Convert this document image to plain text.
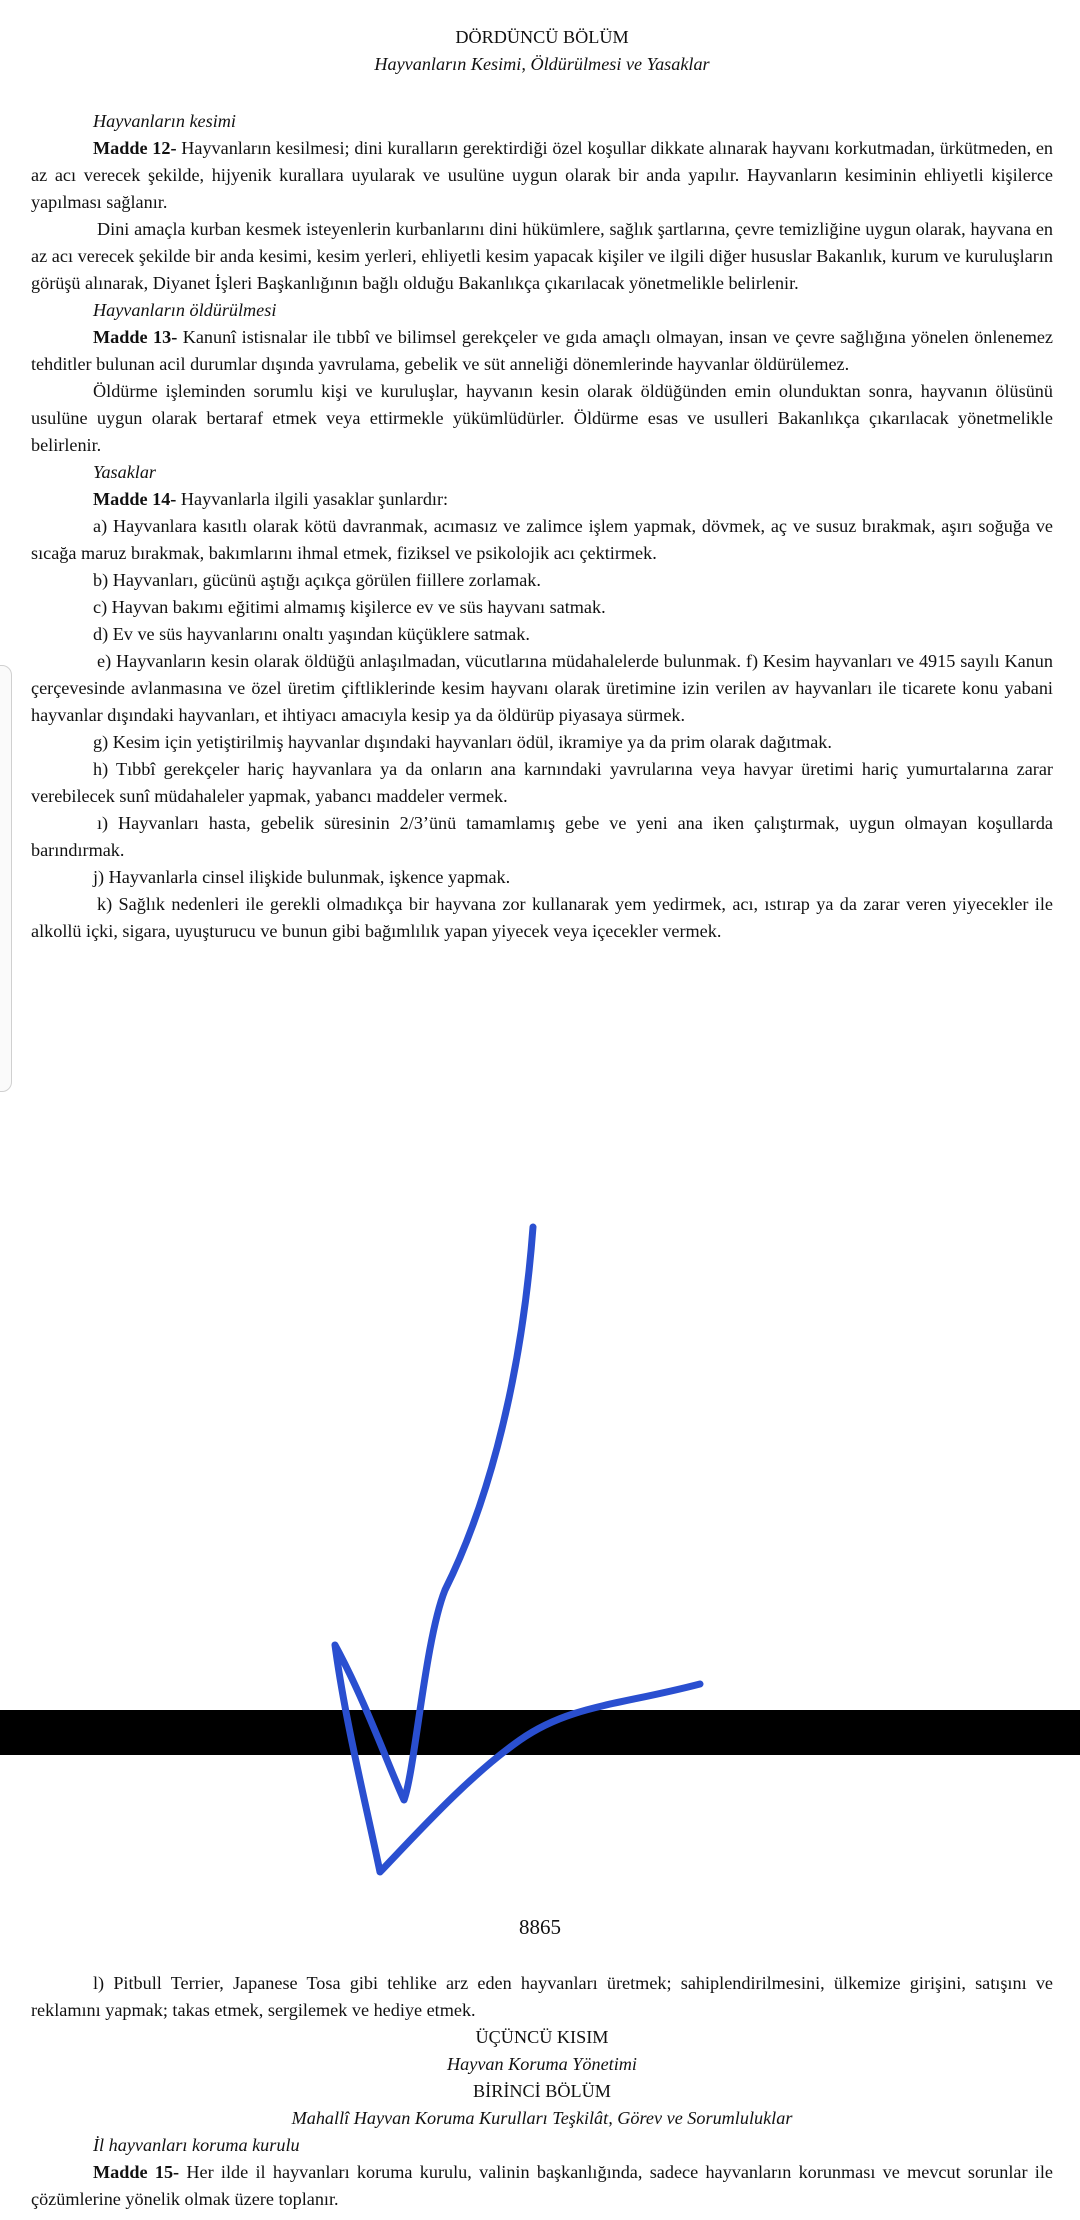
DÖRDÜNCÜ BÖLÜM

Hayvanların Kesimi, Öldürülmesi ve Yasaklar

Hayvanların kesimi

Madde 12- Hayvanların kesilmesi; dini kuralların gerektirdiği özel koşullar dikkate alınarak hayvanı korkutmadan, ürkütmeden, en az acı verecek şekilde, hijyenik kurallara uyularak ve usulüne uygun olarak bir anda yapılır. Hayvanların kesiminin ehliyetli kişilerce yapılması sağlanır.

Dini amaçla kurban kesmek isteyenlerin kurbanlarını dini hükümlere, sağlık şartlarına, çevre temizliğine uygun olarak, hayvana en az acı verecek şekilde bir anda kesimi, kesim yerleri, ehliyetli kesim yapacak kişiler ve ilgili diğer hususlar Bakanlık, kurum ve kuruluşların görüşü alınarak, Diyanet İşleri Başkanlığının bağlı olduğu Bakanlıkça çıkarılacak yönetmelikle belirlenir.

Hayvanların öldürülmesi

Madde 13- Kanunî istisnalar ile tıbbî ve bilimsel gerekçeler ve gıda amaçlı olmayan, insan ve çevre sağlığına yönelen önlenemez tehditler bulunan acil durumlar dışında yavrulama, gebelik ve süt anneliği dönemlerinde hayvanlar öldürülemez.

Öldürme işleminden sorumlu kişi ve kuruluşlar, hayvanın kesin olarak öldüğünden emin olunduktan sonra, hayvanın ölüsünü usulüne uygun olarak bertaraf etmek veya ettirmekle yükümlüdürler. Öldürme esas ve usulleri Bakanlıkça çıkarılacak yönetmelikle belirlenir.

Yasaklar

Madde 14- Hayvanlarla ilgili yasaklar şunlardır:

a) Hayvanlara kasıtlı olarak kötü davranmak, acımasız ve zalimce işlem yapmak, dövmek, aç ve susuz bırakmak, aşırı soğuğa ve sıcağa maruz bırakmak, bakımlarını ihmal etmek, fiziksel ve psikolojik acı çektirmek.

b) Hayvanları, gücünü aştığı açıkça görülen fiillere zorlamak.

c) Hayvan bakımı eğitimi almamış kişilerce ev ve süs hayvanı satmak.

d) Ev ve süs hayvanlarını onaltı yaşından küçüklere satmak.

e) Hayvanların kesin olarak öldüğü anlaşılmadan, vücutlarına müdahalelerde bulunmak. f) Kesim hayvanları ve 4915 sayılı Kanun çerçevesinde avlanmasına ve özel üretim çiftliklerinde kesim hayvanı olarak üretimine izin verilen av hayvanları ile ticarete konu yabani hayvanlar dışındaki hayvanları, et ihtiyacı amacıyla kesip ya da öldürüp piyasaya sürmek.

g) Kesim için yetiştirilmiş hayvanlar dışındaki hayvanları ödül, ikramiye ya da prim olarak dağıtmak.

h) Tıbbî gerekçeler hariç hayvanlara ya da onların ana karnındaki yavrularına veya havyar üretimi hariç yumurtalarına zarar verebilecek sunî müdahaleler yapmak, yabancı maddeler vermek.

ı) Hayvanları hasta, gebelik süresinin 2/3’ünü tamamlamış gebe ve yeni ana iken çalıştırmak, uygun olmayan koşullarda barındırmak.

j) Hayvanlarla cinsel ilişkide bulunmak, işkence yapmak.

k) Sağlık nedenleri ile gerekli olmadıkça bir hayvana zor kullanarak yem yedirmek, acı, ıstırap ya da zarar veren yiyecekler ile alkollü içki, sigara, uyuşturucu ve bunun gibi bağımlılık yapan yiyecek veya içecekler vermek.

8865

l) Pitbull Terrier, Japanese Tosa gibi tehlike arz eden hayvanları üretmek; sahiplendirilmesini, ülkemize girişini, satışını ve reklamını yapmak; takas etmek, sergilemek ve hediye etmek.

ÜÇÜNCÜ KISIM

Hayvan Koruma Yönetimi

BİRİNCİ BÖLÜM

Mahallî Hayvan Koruma Kurulları Teşkilât, Görev ve Sorumluluklar

İl hayvanları koruma kurulu

Madde 15- Her ilde il hayvanları koruma kurulu, valinin başkanlığında, sadece hayvanların korunması ve mevcut sorunlar ile çözümlerine yönelik olmak üzere toplanır.
